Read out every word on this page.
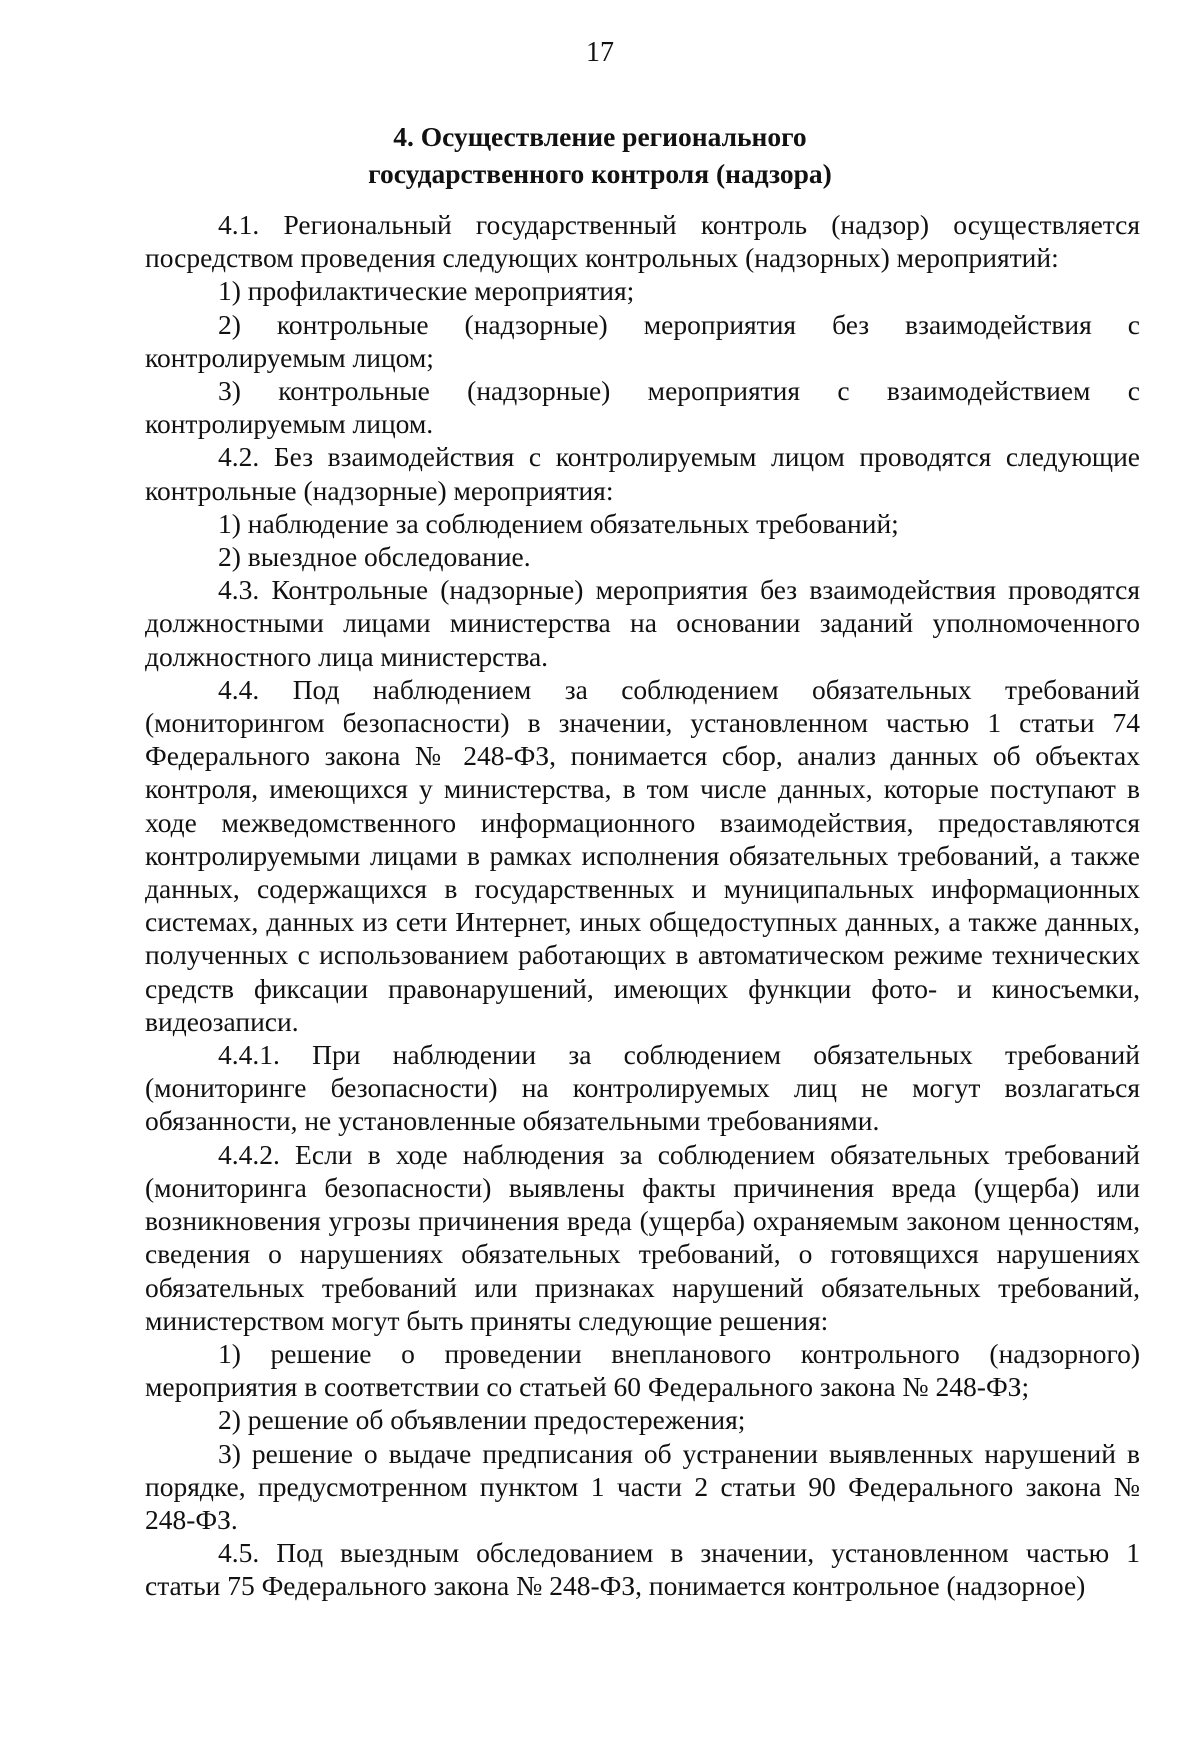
17
4. Осуществление регионального
государственного контроля (надзора)

4.1. Региональный государственный контроль (надзор) осуществляется посредством проведения следующих контрольных (надзорных) мероприятий:

1) профилактические мероприятия;

2) контрольные (надзорные) мероприятия без взаимодействия с контролируемым лицом;

3) контрольные (надзорные) мероприятия с взаимодействием с контролируемым лицом.

4.2. Без взаимодействия с контролируемым лицом проводятся следующие контрольные (надзорные) мероприятия:

1) наблюдение за соблюдением обязательных требований;

2) выездное обследование.

4.3. Контрольные (надзорные) мероприятия без взаимодействия проводятся должностными лицами министерства на основании заданий уполномоченного должностного лица министерства.

4.4. Под наблюдением за соблюдением обязательных требований (мониторингом безопасности) в значении, установленном частью 1 статьи 74 Федерального закона № 248-ФЗ, понимается сбор, анализ данных об объектах контроля, имеющихся у министерства, в том числе данных, которые поступают в ходе межведомственного информационного взаимодействия, предоставляются контролируемыми лицами в рамках исполнения обязательных требований, а также данных, содержащихся в государственных и муниципальных информационных системах, данных из сети Интернет, иных общедоступных данных, а также данных, полученных с использованием работающих в автоматическом режиме технических средств фиксации правонарушений, имеющих функции фото- и киносъемки, видеозаписи.

4.4.1. При наблюдении за соблюдением обязательных требований (мониторинге безопасности) на контролируемых лиц не могут возлагаться обязанности, не установленные обязательными требованиями.

4.4.2. Если в ходе наблюдения за соблюдением обязательных требований (мониторинга безопасности) выявлены факты причинения вреда (ущерба) или возникновения угрозы причинения вреда (ущерба) охраняемым законом ценностям, сведения о нарушениях обязательных требований, о готовящихся нарушениях обязательных требований или признаках нарушений обязательных требований, министерством могут быть приняты следующие решения:

1) решение о проведении внепланового контрольного (надзорного) мероприятия в соответствии со статьей 60 Федерального закона № 248-ФЗ;

2) решение об объявлении предостережения;

3) решение о выдаче предписания об устранении выявленных нарушений в порядке, предусмотренном пунктом 1 части 2 статьи 90 Федерального закона № 248-ФЗ.

4.5. Под выездным обследованием в значении, установленном частью 1 статьи 75 Федерального закона № 248-ФЗ, понимается контрольное (надзорное)
